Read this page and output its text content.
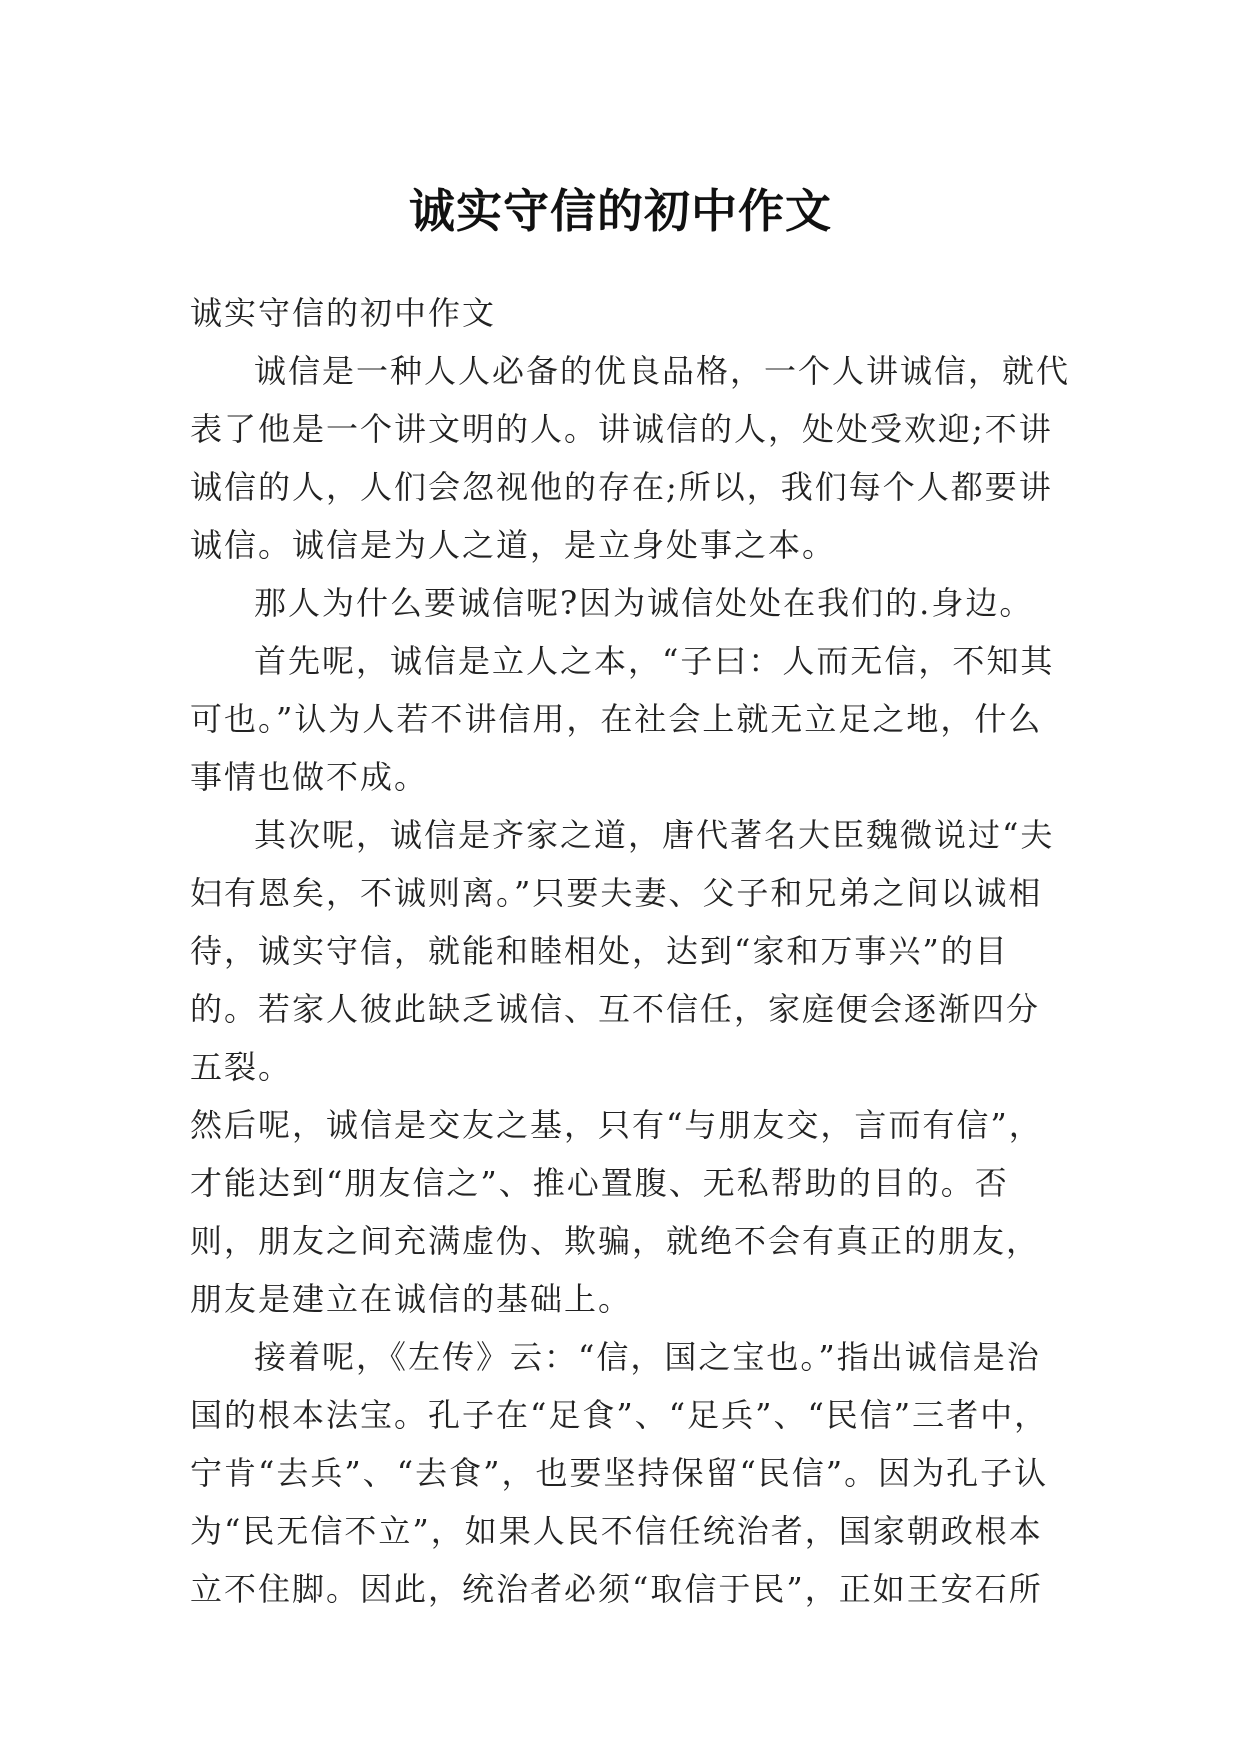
诚实守信的初中作文

诚实守信的初中作文

诚信是一种人人必备的优良品格，一个人讲诚信，就代表了他是一个讲文明的人。讲诚信的人，处处受欢迎;不讲诚信的人，人们会忽视他的存在;所以，我们每个人都要讲诚信。诚信是为人之道，是立身处事之本。

那人为什么要诚信呢?因为诚信处处在我们的.身边。

首先呢，诚信是立人之本，“子曰：人而无信，不知其可也。”认为人若不讲信用，在社会上就无立足之地，什么事情也做不成。

其次呢，诚信是齐家之道，唐代著名大臣魏微说过“夫妇有恩矣，不诚则离。”只要夫妻、父子和兄弟之间以诚相待，诚实守信，就能和睦相处，达到“家和万事兴”的目的。若家人彼此缺乏诚信、互不信任，家庭便会逐渐四分五裂。

然后呢，诚信是交友之基，只有“与朋友交，言而有信”，才能达到“朋友信之”、推心置腹、无私帮助的目的。否则，朋友之间充满虚伪、欺骗，就绝不会有真正的朋友，朋友是建立在诚信的基础上。

接着呢，《左传》云：“信，国之宝也。”指出诚信是治国的根本法宝。孔子在“足食”、“足兵”、“民信”三者中，宁肯“去兵”、“去食”，也要坚持保留“民信”。因为孔子认为“民无信不立”，如果人民不信任统治者，国家朝政根本立不住脚。因此，统治者必须“取信于民”，正如王安石所
